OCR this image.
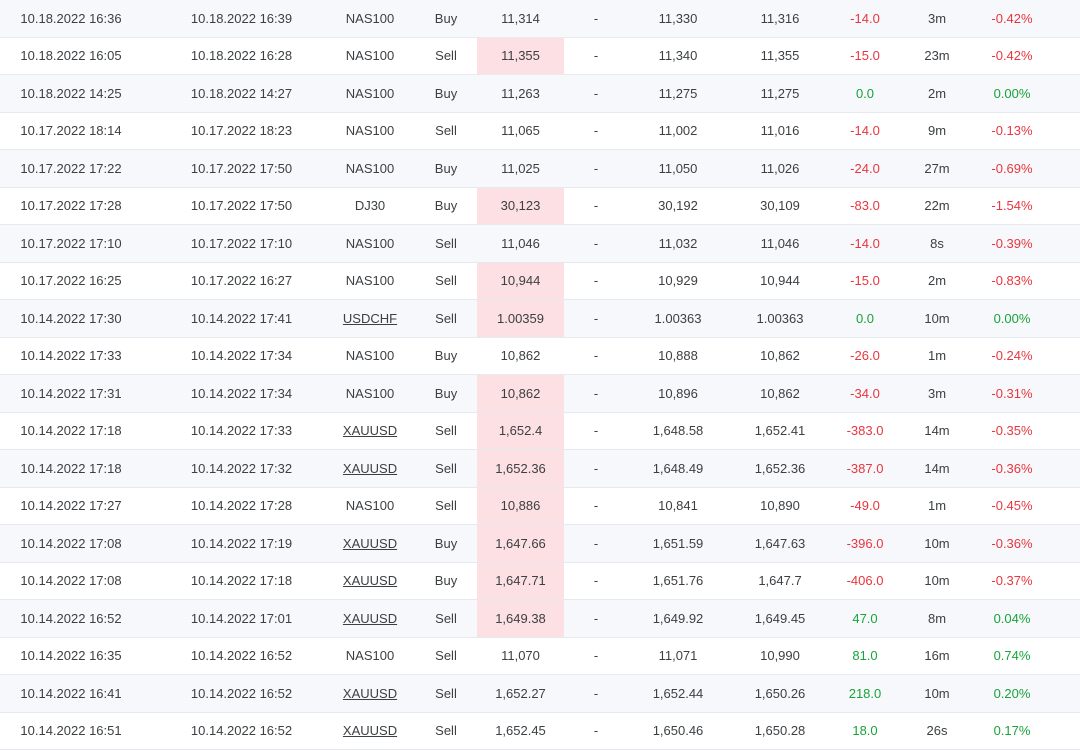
10.18.2022 16:36	10.18.2022 16:39	NAS100	Buy	11,314	-	11,330	11,316	-14.0	3m	-0.42%
10.18.2022 16:05	10.18.2022 16:28	NAS100	Sell	11,355	-	11,340	11,355	-15.0	23m	-0.42%
10.18.2022 14:25	10.18.2022 14:27	NAS100	Buy	11,263	-	11,275	11,275	0.0	2m	0.00%
10.17.2022 18:14	10.17.2022 18:23	NAS100	Sell	11,065	-	11,002	11,016	-14.0	9m	-0.13%
10.17.2022 17:22	10.17.2022 17:50	NAS100	Buy	11,025	-	11,050	11,026	-24.0	27m	-0.69%
10.17.2022 17:28	10.17.2022 17:50	DJ30	Buy	30,123	-	30,192	30,109	-83.0	22m	-1.54%
10.17.2022 17:10	10.17.2022 17:10	NAS100	Sell	11,046	-	11,032	11,046	-14.0	8s	-0.39%
10.17.2022 16:25	10.17.2022 16:27	NAS100	Sell	10,944	-	10,929	10,944	-15.0	2m	-0.83%
10.14.2022 17:30	10.14.2022 17:41	USDCHF	Sell	1.00359	-	1.00363	1.00363	0.0	10m	0.00%
10.14.2022 17:33	10.14.2022 17:34	NAS100	Buy	10,862	-	10,888	10,862	-26.0	1m	-0.24%
10.14.2022 17:31	10.14.2022 17:34	NAS100	Buy	10,862	-	10,896	10,862	-34.0	3m	-0.31%
10.14.2022 17:18	10.14.2022 17:33	XAUUSD	Sell	1,652.4	-	1,648.58	1,652.41	-383.0	14m	-0.35%
10.14.2022 17:18	10.14.2022 17:32	XAUUSD	Sell	1,652.36	-	1,648.49	1,652.36	-387.0	14m	-0.36%
10.14.2022 17:27	10.14.2022 17:28	NAS100	Sell	10,886	-	10,841	10,890	-49.0	1m	-0.45%
10.14.2022 17:08	10.14.2022 17:19	XAUUSD	Buy	1,647.66	-	1,651.59	1,647.63	-396.0	10m	-0.36%
10.14.2022 17:08	10.14.2022 17:18	XAUUSD	Buy	1,647.71	-	1,651.76	1,647.7	-406.0	10m	-0.37%
10.14.2022 16:52	10.14.2022 17:01	XAUUSD	Sell	1,649.38	-	1,649.92	1,649.45	47.0	8m	0.04%
10.14.2022 16:35	10.14.2022 16:52	NAS100	Sell	11,070	-	11,071	10,990	81.0	16m	0.74%
10.14.2022 16:41	10.14.2022 16:52	XAUUSD	Sell	1,652.27	-	1,652.44	1,650.26	218.0	10m	0.20%
10.14.2022 16:51	10.14.2022 16:52	XAUUSD	Sell	1,652.45	-	1,650.46	1,650.28	18.0	26s	0.17%
